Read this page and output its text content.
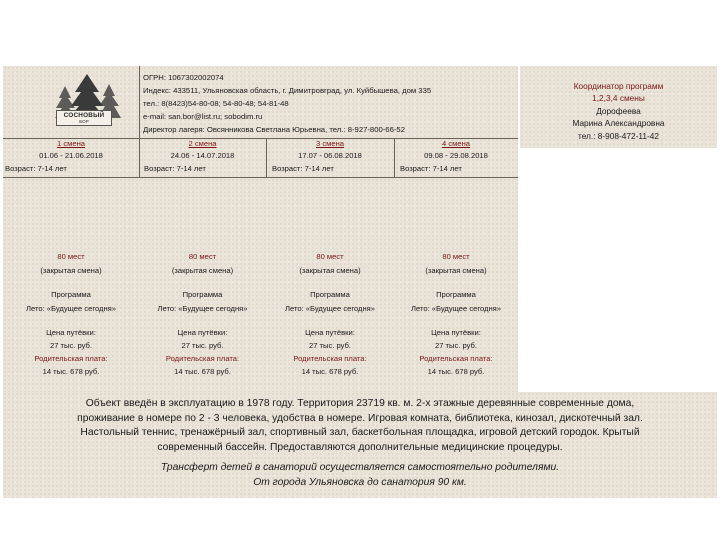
СОСНОВЫЙ
БОР
ОГРН: 1067302002074
Индекс: 433511, Ульяновская область, г. Димитровград, ул. Куйбышева, дом 335
тел.: 8(8423)54-80-08; 54-80-48; 54-81-48
e-mail: san.bor@list.ru; sobodim.ru
Директор лагеря: Овсянникова Светлана Юрьевна, тел.: 8-927-800-66-52
1 смена
01.06 - 21.06.2018
Возраст: 7-14 лет
80 мест
(закрытая смена)
Программа
Лето: «Будущее сегодня»
Цена путёвки:
27 тыс. руб.
Родительская плата:
14 тыс. 678 руб.
2 смена
24.06 - 14.07.2018
Возраст: 7-14 лет
80 мест
(закрытая смена)
Программа
Лето: «Будущее сегодня»
Цена путёвки:
27 тыс. руб.
Родительская плата:
14 тыс. 678 руб.
3 смена
17.07 - 06.08.2018
Возраст: 7-14 лет
80 мест
(закрытая смена)
Программа
Лето: «Будущее сегодня»
Цена путёвки:
27 тыс. руб.
Родительская плата:
14 тыс. 678 руб.
4 смена
09.08 - 29.08.2018
Возраст: 7-14 лет
80 мест
(закрытая смена)
Программа
Лето: «Будущее сегодня»
Цена путёвки:
27 тыс. руб.
Родительская плата:
14 тыс. 678 руб.
Координатор программ
1,2,3,4 смены
Дорофеева
Марина Александровна
тел.: 8-908-472-11-42
Объект введён в эксплуатацию в 1978 году. Территория 23719 кв. м. 2-х этажные деревянные современные дома,
проживание в номере по 2 - 3 человека, удобства в номере. Игровая комната, библиотека, кинозал, дискотечный зал.
Настольный теннис, тренажёрный зал, спортивный зал, баскетбольная площадка, игровой детский городок. Крытый
современный бассейн. Предоставляются дополнительные медицинские процедуры.
Трансферт детей в санаторий осуществляется самостоятельно родителями.
От города Ульяновска до санатория 90 км.
